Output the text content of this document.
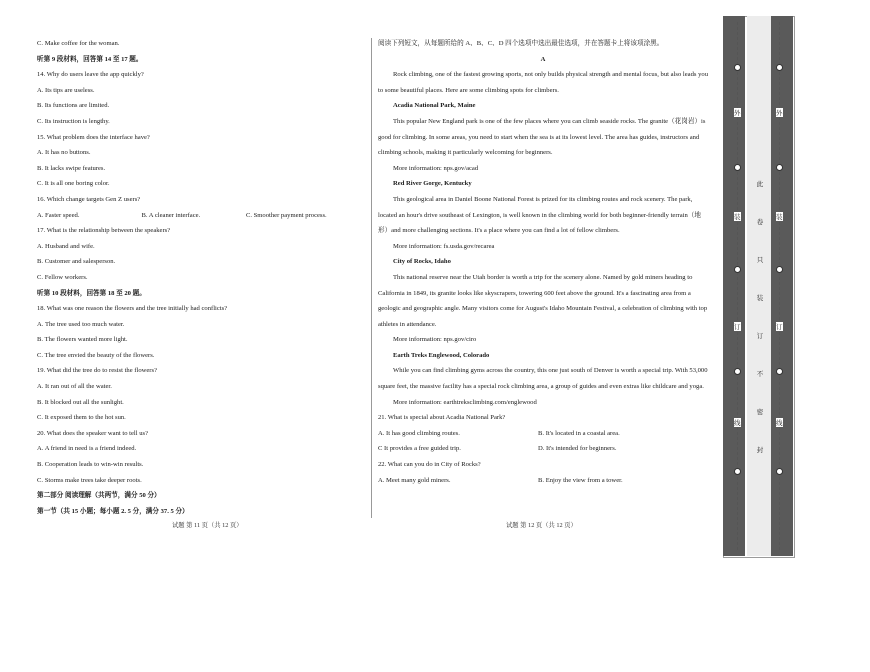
C. Make coffee for the woman.

听第 9 段材料，回答第 14 至 17 题。

14. Why do users leave the app quickly?

A. Its tips are useless.

B. Its functions are limited.

C. Its instruction is lengthy.

15. What problem does the interface have?

A. It has no buttons.

B. It lacks swipe features.

C. It is all one boring color.

16. Which change targets Gen Z users?

A. Faster speed.	B. A cleaner interface.	C. Smoother payment process.

17. What is the relationship between the speakers?

A. Husband and wife.

B. Customer and salesperson.

C. Fellow workers.

听第 10 段材料，回答第 18 至 20 题。

18. What was one reason the flowers and the tree initially had conflicts?

A. The tree used too much water.

B. The flowers wanted more light.

C. The tree envied the beauty of the flowers.

19. What did the tree do to resist the flowers?

A. It ran out of all the water.

B. It blocked out all the sunlight.

C. It exposed them to the hot sun.

20. What does the speaker want to tell us?

A. A friend in need is a friend indeed.

B. Cooperation leads to win-win results.

C. Storms make trees take deeper roots.

第二部分 阅读理解（共两节，满分 50 分）

第一节（共 15 小题；每小题 2. 5 分，满分 37. 5 分）

阅读下列短文，从每题所给的 A、B、C、D 四个选项中选出最佳选项，并在答题卡上将该项涂黑。

A

Rock climbing, one of the fastest growing sports, not only builds physical strength and mental focus, but also leads you to some beautiful places. Here are some climbing spots for climbers.

Acadia National Park, Maine

This popular New England park is one of the few places where you can climb seaside rocks. The granite（花岗岩）is good for climbing. In some areas, you need to start when the sea is at its lowest level. The area has guides, instructors and climbing schools, making it particularly welcoming for beginners.

More information: nps.gov/acad

Red River Gorge, Kentucky

This geological area in Daniel Boone National Forest is prized for its climbing routes and rock scenery. The park, located an hour's drive southeast of Lexington, is well known in the climbing world for both beginner-friendly terrain（地形）and more challenging sections. It's a place where you can find a lot of fellow climbers.

More information: fs.usda.gov/recarea

City of Rocks, Idaho

This national reserve near the Utah border is worth a trip for the scenery alone. Named by gold miners heading to California in 1849, its granite looks like skyscrapers, towering 600 feet above the ground. It's a fascinating area from a geologic and geographic angle. Many visitors come for August's Idaho Mountain Festival, a celebration of climbing with top athletes in attendance.

More information: nps.gov/ciro

Earth Treks Englewood, Colorado

While you can find climbing gyms across the country, this one just south of Denver is worth a special trip. With 53,000 square feet, the massive facility has a special rock climbing area, a group of guides and even extras like childcare and yoga.

More information: earthtreksclimbing.com/englewood

21. What is special about Acadia National Park?

A. It has good climbing routes.	B. It's located in a coastal area.

C It provides a free guided trip.	D. It's intended for beginners.

22. What can you do in City of Rocks?

A. Meet many gold miners.	B. Enjoy the view from a tower.

试题 第 11 页（共 12 页）	试题 第 12 页（共 12 页）
此
卷
只
装
订
不
密
封
外
装
订
线
外
装
订
线
